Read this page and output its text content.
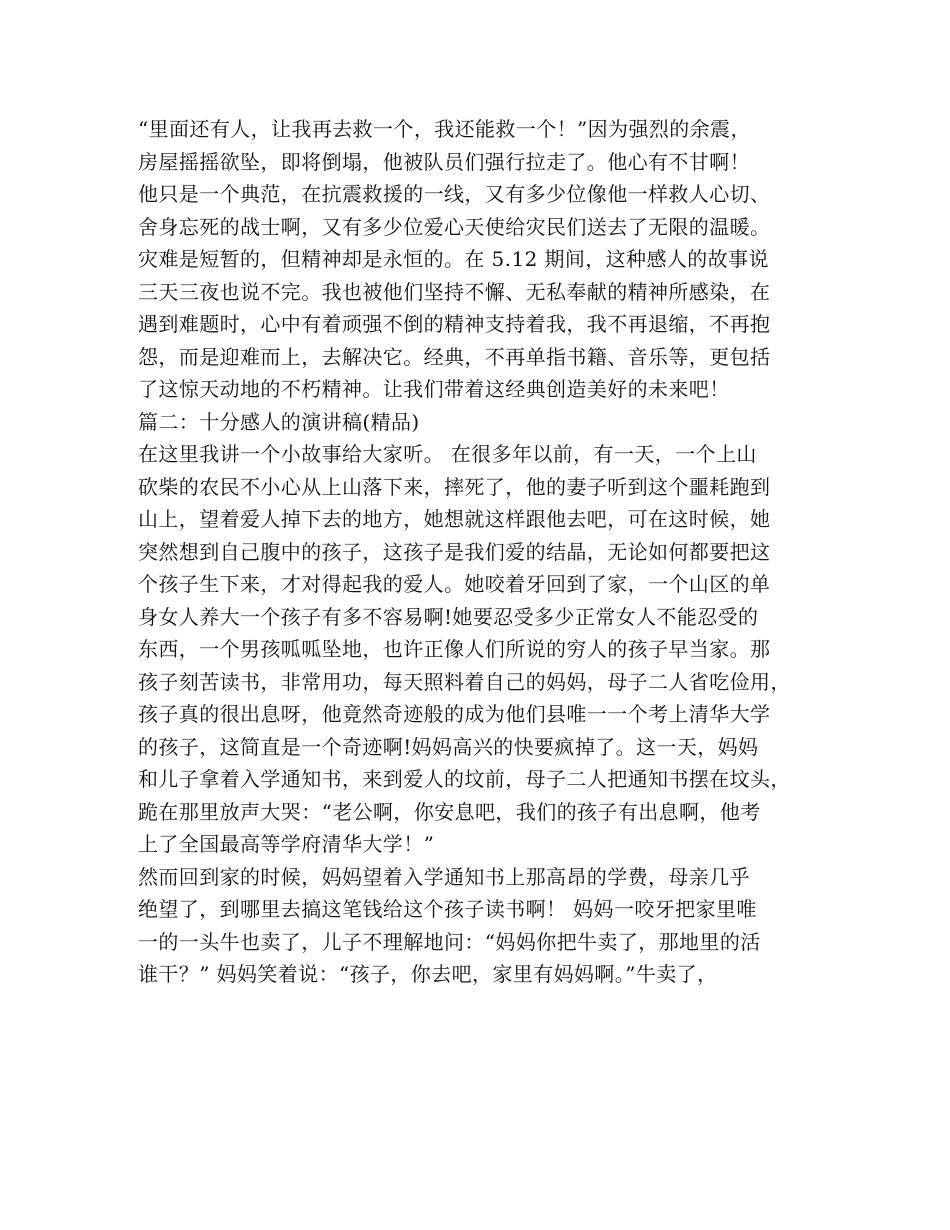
“里面还有人，让我再去救一个，我还能救一个！”因为强烈的余震，
房屋摇摇欲坠，即将倒塌，他被队员们强行拉走了。他心有不甘啊！
他只是一个典范，在抗震救援的一线，又有多少位像他一样救人心切、
舍身忘死的战士啊，又有多少位爱心天使给灾民们送去了无限的温暖。
灾难是短暂的，但精神却是永恒的。在 5.12 期间，这种感人的故事说
三天三夜也说不完。我也被他们坚持不懈、无私奉献的精神所感染，在
遇到难题时，心中有着顽强不倒的精神支持着我，我不再退缩，不再抱
怨，而是迎难而上，去解决它。经典，不再单指书籍、音乐等，更包括
了这惊天动地的不朽精神。让我们带着这经典创造美好的未来吧！
篇二：十分感人的演讲稿(精品)
在这里我讲一个小故事给大家听。 在很多年以前，有一天，一个上山
砍柴的农民不小心从上山落下来，摔死了，他的妻子听到这个噩耗跑到
山上，望着爱人掉下去的地方，她想就这样跟他去吧，可在这时候，她
突然想到自己腹中的孩子，这孩子是我们爱的结晶，无论如何都要把这
个孩子生下来，才对得起我的爱人。她咬着牙回到了家，一个山区的单
身女人养大一个孩子有多不容易啊!她要忍受多少正常女人不能忍受的
东西，一个男孩呱呱坠地，也许正像人们所说的穷人的孩子早当家。那
孩子刻苦读书，非常用功，每天照料着自己的妈妈，母子二人省吃俭用，
孩子真的很出息呀，他竟然奇迹般的成为他们县唯一一个考上清华大学
的孩子，这简直是一个奇迹啊!妈妈高兴的快要疯掉了。这一天，妈妈
和儿子拿着入学通知书，来到爱人的坟前，母子二人把通知书摆在坟头，
跪在那里放声大哭：“老公啊，你安息吧，我们的孩子有出息啊，他考
上了全国最高等学府清华大学！”
然而回到家的时候，妈妈望着入学通知书上那高昂的学费，母亲几乎
绝望了，到哪里去搞这笔钱给这个孩子读书啊！ 妈妈一咬牙把家里唯
一的一头牛也卖了，儿子不理解地问：“妈妈你把牛卖了，那地里的活
谁干？” 妈妈笑着说：“孩子，你去吧，家里有妈妈啊。”牛卖了，
